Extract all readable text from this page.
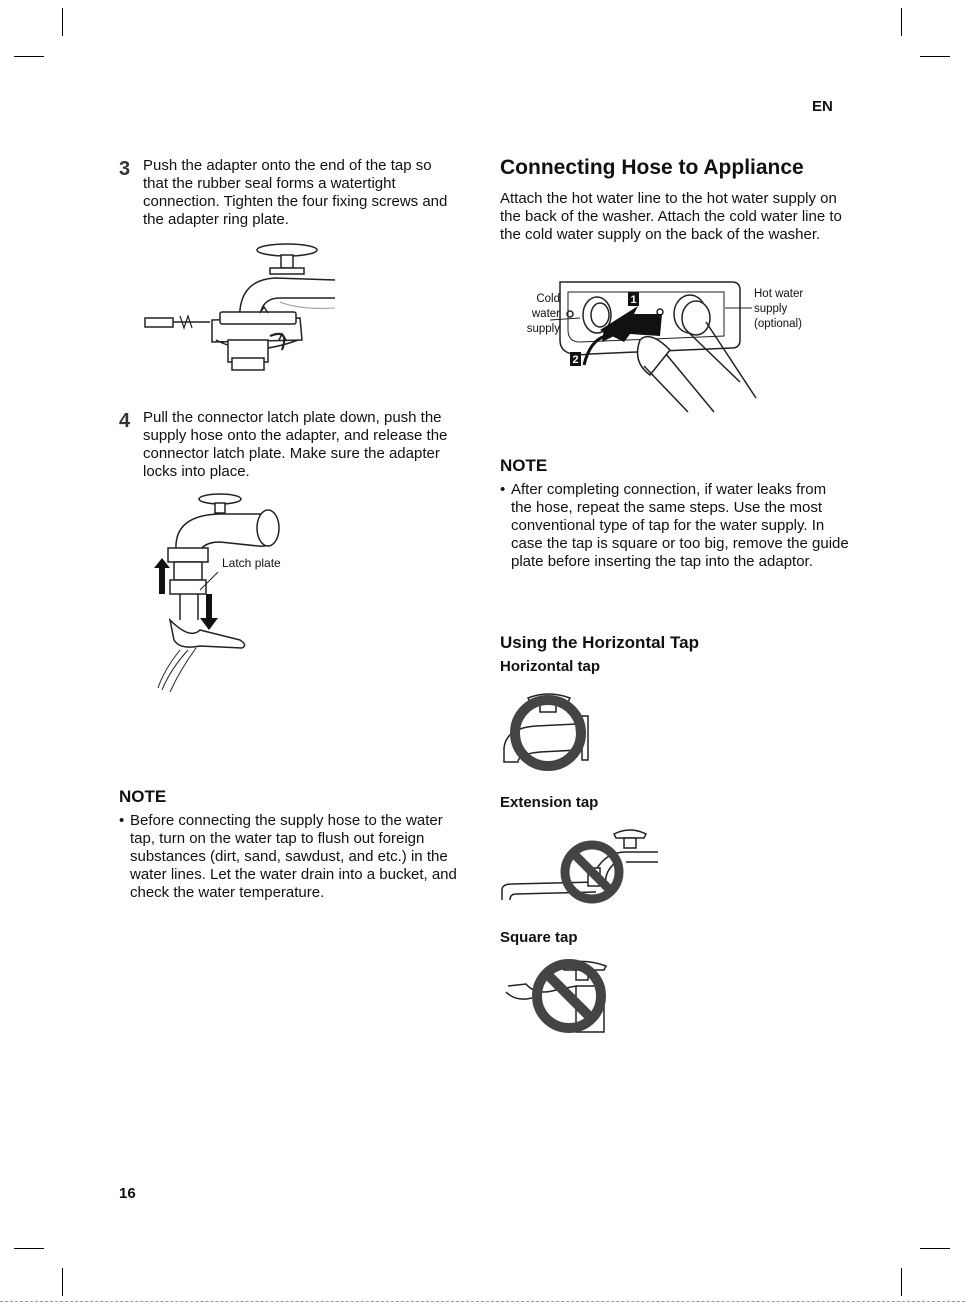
EN
3 Push the adapter onto the end of the tap so that the rubber seal forms a watertight connection. Tighten the four fixing screws and the adapter ring plate.
4 Pull the connector latch plate down, push the supply hose onto the adapter, and release the connector latch plate. Make sure the adapter locks into place.
Latch plate
NOTE
• Before connecting the supply hose to the water tap, turn on the water tap to flush out foreign substances (dirt, sand, sawdust, and etc.) in the water lines. Let the water drain into a bucket, and check the water temperature.
Connecting Hose to Appliance
Attach the hot water line to the hot water supply on the back of the washer. Attach the cold water line to the cold water supply on the back of the washer.
1
2
Cold
water
supply
Hot water
supply
(optional)
NOTE
• After completing connection, if water leaks from the hose, repeat the same steps. Use the most conventional type of tap for the water supply. In case the tap is square or too big, remove the guide plate before inserting the tap into the adaptor.
Using the Horizontal Tap
Horizontal tap
Extension tap
Square tap
16
